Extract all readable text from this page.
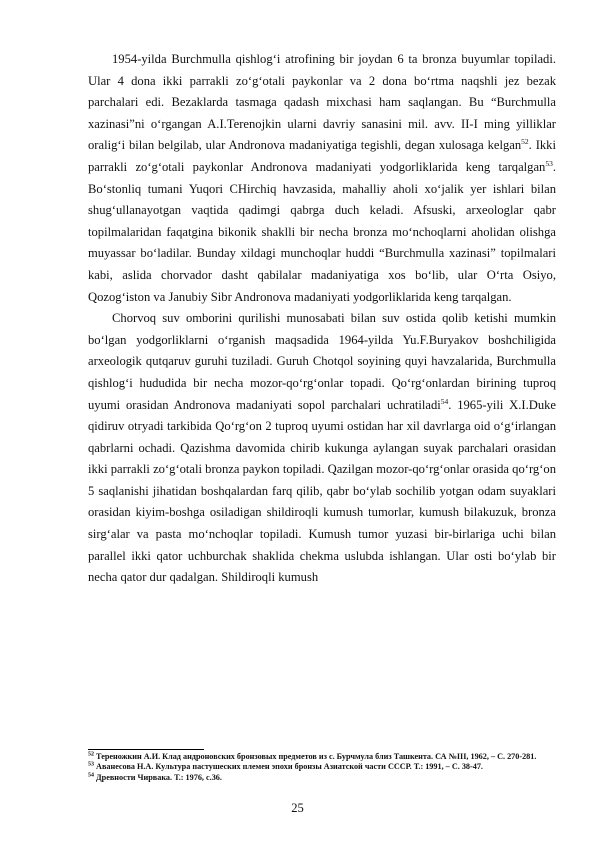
1954-yilda Burchmulla qishlog‘i atrofining bir joydan 6 ta bronza buyumlar topiladi. Ular 4 dona ikki parrakli zo‘g‘otali paykonlar va 2 dona bo‘rtma naqshli jez bezak parchalari edi. Bezaklarda tasmaga qadash mixchasi ham saqlangan. Bu “Burchmulla xazinasi”ni o‘rgangan A.I.Terenojkin ularni davriy sanasini mil. avv. II-I ming yilliklar oralig‘i bilan belgilab, ular Andronova madaniyatiga tegishli, degan xulosaga kelgan$^{52}$. Ikki parrakli zo‘g‘otali paykonlar Andronova madaniyati yodgorliklarida keng tarqalgan$^{53}$. Bo‘stonliq tumani Yuqori CHirchiq havzasida, mahalliy aholi xo‘jalik yer ishlari bilan shug‘ullanayotgan vaqtida qadimgi qabrga duch keladi. Afsuski, arxeologlar qabr topilmalaridan faqatgina bikonik shaklli bir necha bronza mo‘nchoqlarni aholidan olishga muyassar bo‘ladilar. Bunday xildagi munchoqlar huddi “Burchmulla xazinasi” topilmalari kabi, aslida chorvador dasht qabilalar madaniyatiga xos bo‘lib, ular O‘rta Osiyo, Qozog‘iston va Janubiy Sibr Andronova madaniyati yodgorliklarida keng tarqalgan.

Chorvoq suv omborini qurilishi munosabati bilan suv ostida qolib ketishi mumkin bo‘lgan yodgorliklarni o‘rganish maqsadida 1964-yilda Yu.F.Buryakov boshchiligida arxeologik qutqaruv guruhi tuziladi. Guruh Chotqol soyining quyi havzalarida, Burchmulla qishlog‘i hududida bir necha mozor-qo‘rg‘onlar topadi. Qo‘rg‘onlardan birining tuproq uyumi orasidan Andronova madaniyati sopol parchalari uchratiladi$^{54}$. 1965-yili X.I.Duke qidiruv otryadi tarkibida Qo‘rg‘on 2 tuproq uyumi ostidan har xil davrlarga oid o‘g‘irlangan qabrlarni ochadi. Qazishma davomida chirib kukunga aylangan suyak parchalari orasidan ikki parrakli zo‘g‘otali bronza paykon topiladi. Qazilgan mozor-qo‘rg‘onlar orasida qo‘rg‘on 5 saqlanishi jihatidan boshqalardan farq qilib, qabr bo‘ylab sochilib yotgan odam suyaklari orasidan kiyim-boshga osiladigan shildiroqli kumush tumorlar, kumush bilakuzuk, bronza sirg‘alar va pasta mo‘nchoqlar topiladi. Kumush tumor yuzasi bir-birlariga uchi bilan parallel ikki qator uchburchak shaklida chekma uslubda ishlangan. Ular osti bo‘ylab bir necha qator dur qadalgan. Shildiroqli kumush

$^{52}$ Тереножкин А.И. Клад андроновских бронзовых предметов из с. Бурчмула близ Ташкента. СА №III, 1962, – С. 270-281.

$^{53}$ Аванесова Н.А. Культура пастушеских племен эпохи бронзы Азиатской части СССР. Т.: 1991, – С. 38-47.

$^{54}$ Древности Чирвака. Т.: 1976, с.36.

25
